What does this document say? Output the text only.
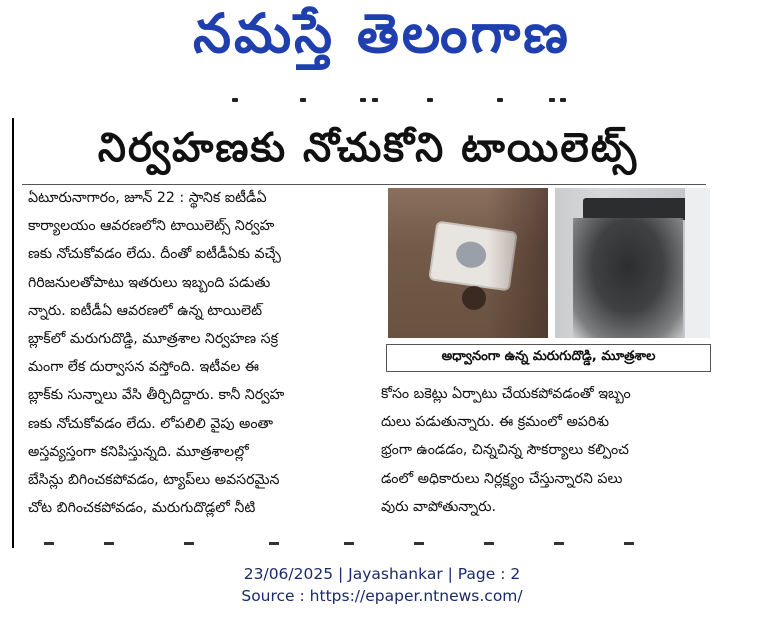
నమస్తే తెలంగాణ
నిర్వహణకు నోచుకోని టాయిలెట్స్

ఏటూరునాగారం, జూన్ 22 : స్థానిక ఐటీడీఏ

కార్యాలయం ఆవరణలోని టాయిలెట్స్ నిర్వహ

ణకు నోచుకోవడం లేదు. దీంతో ఐటీడీఏకు వచ్చే

గిరిజనులతోపాటు ఇతరులు ఇబ్బంది పడుతు

న్నారు. ఐటీడీఏ ఆవరణలో ఉన్న టాయిలెట్

బ్లాక్‌లో మరుగుదొడ్డి, మూత్రశాల నిర్వహణ సక్ర

మంగా లేక దుర్వాసన వస్తోంది. ఇటీవల ఈ

బ్లాక్‌కు సున్నాలు వేసి తీర్చిదిద్దారు. కానీ నిర్వహ

ణకు నోచుకోవడం లేదు. లోపలిలి వైపు అంతా

అస్తవ్యస్తంగా కనిపిస్తున్నది. మూత్రశాలల్లో

బేసిన్లు బిగించకపోవడం, ట్యాప్‌లు అవసరమైన

చోట బిగించకపోవడం, మరుగుదొడ్లలో నీటి

అధ్వానంగా ఉన్న మరుగుదొడ్డి, మూత్రశాల

కోసం బకెట్లు ఏర్పాటు చేయకపోవడంతో ఇబ్బం

దులు పడుతున్నారు. ఈ క్రమంలో అపరిశు

భ్రంగా ఉండడం, చిన్నచిన్న సౌకర్యాలు కల్పించ

డంలో అధికారులు నిర్లక్ష్యం చేస్తున్నారని పలు

వురు వాపోతున్నారు.

23/06/2025 | Jayashankar | Page : 2
Source : https://epaper.ntnews.com/
